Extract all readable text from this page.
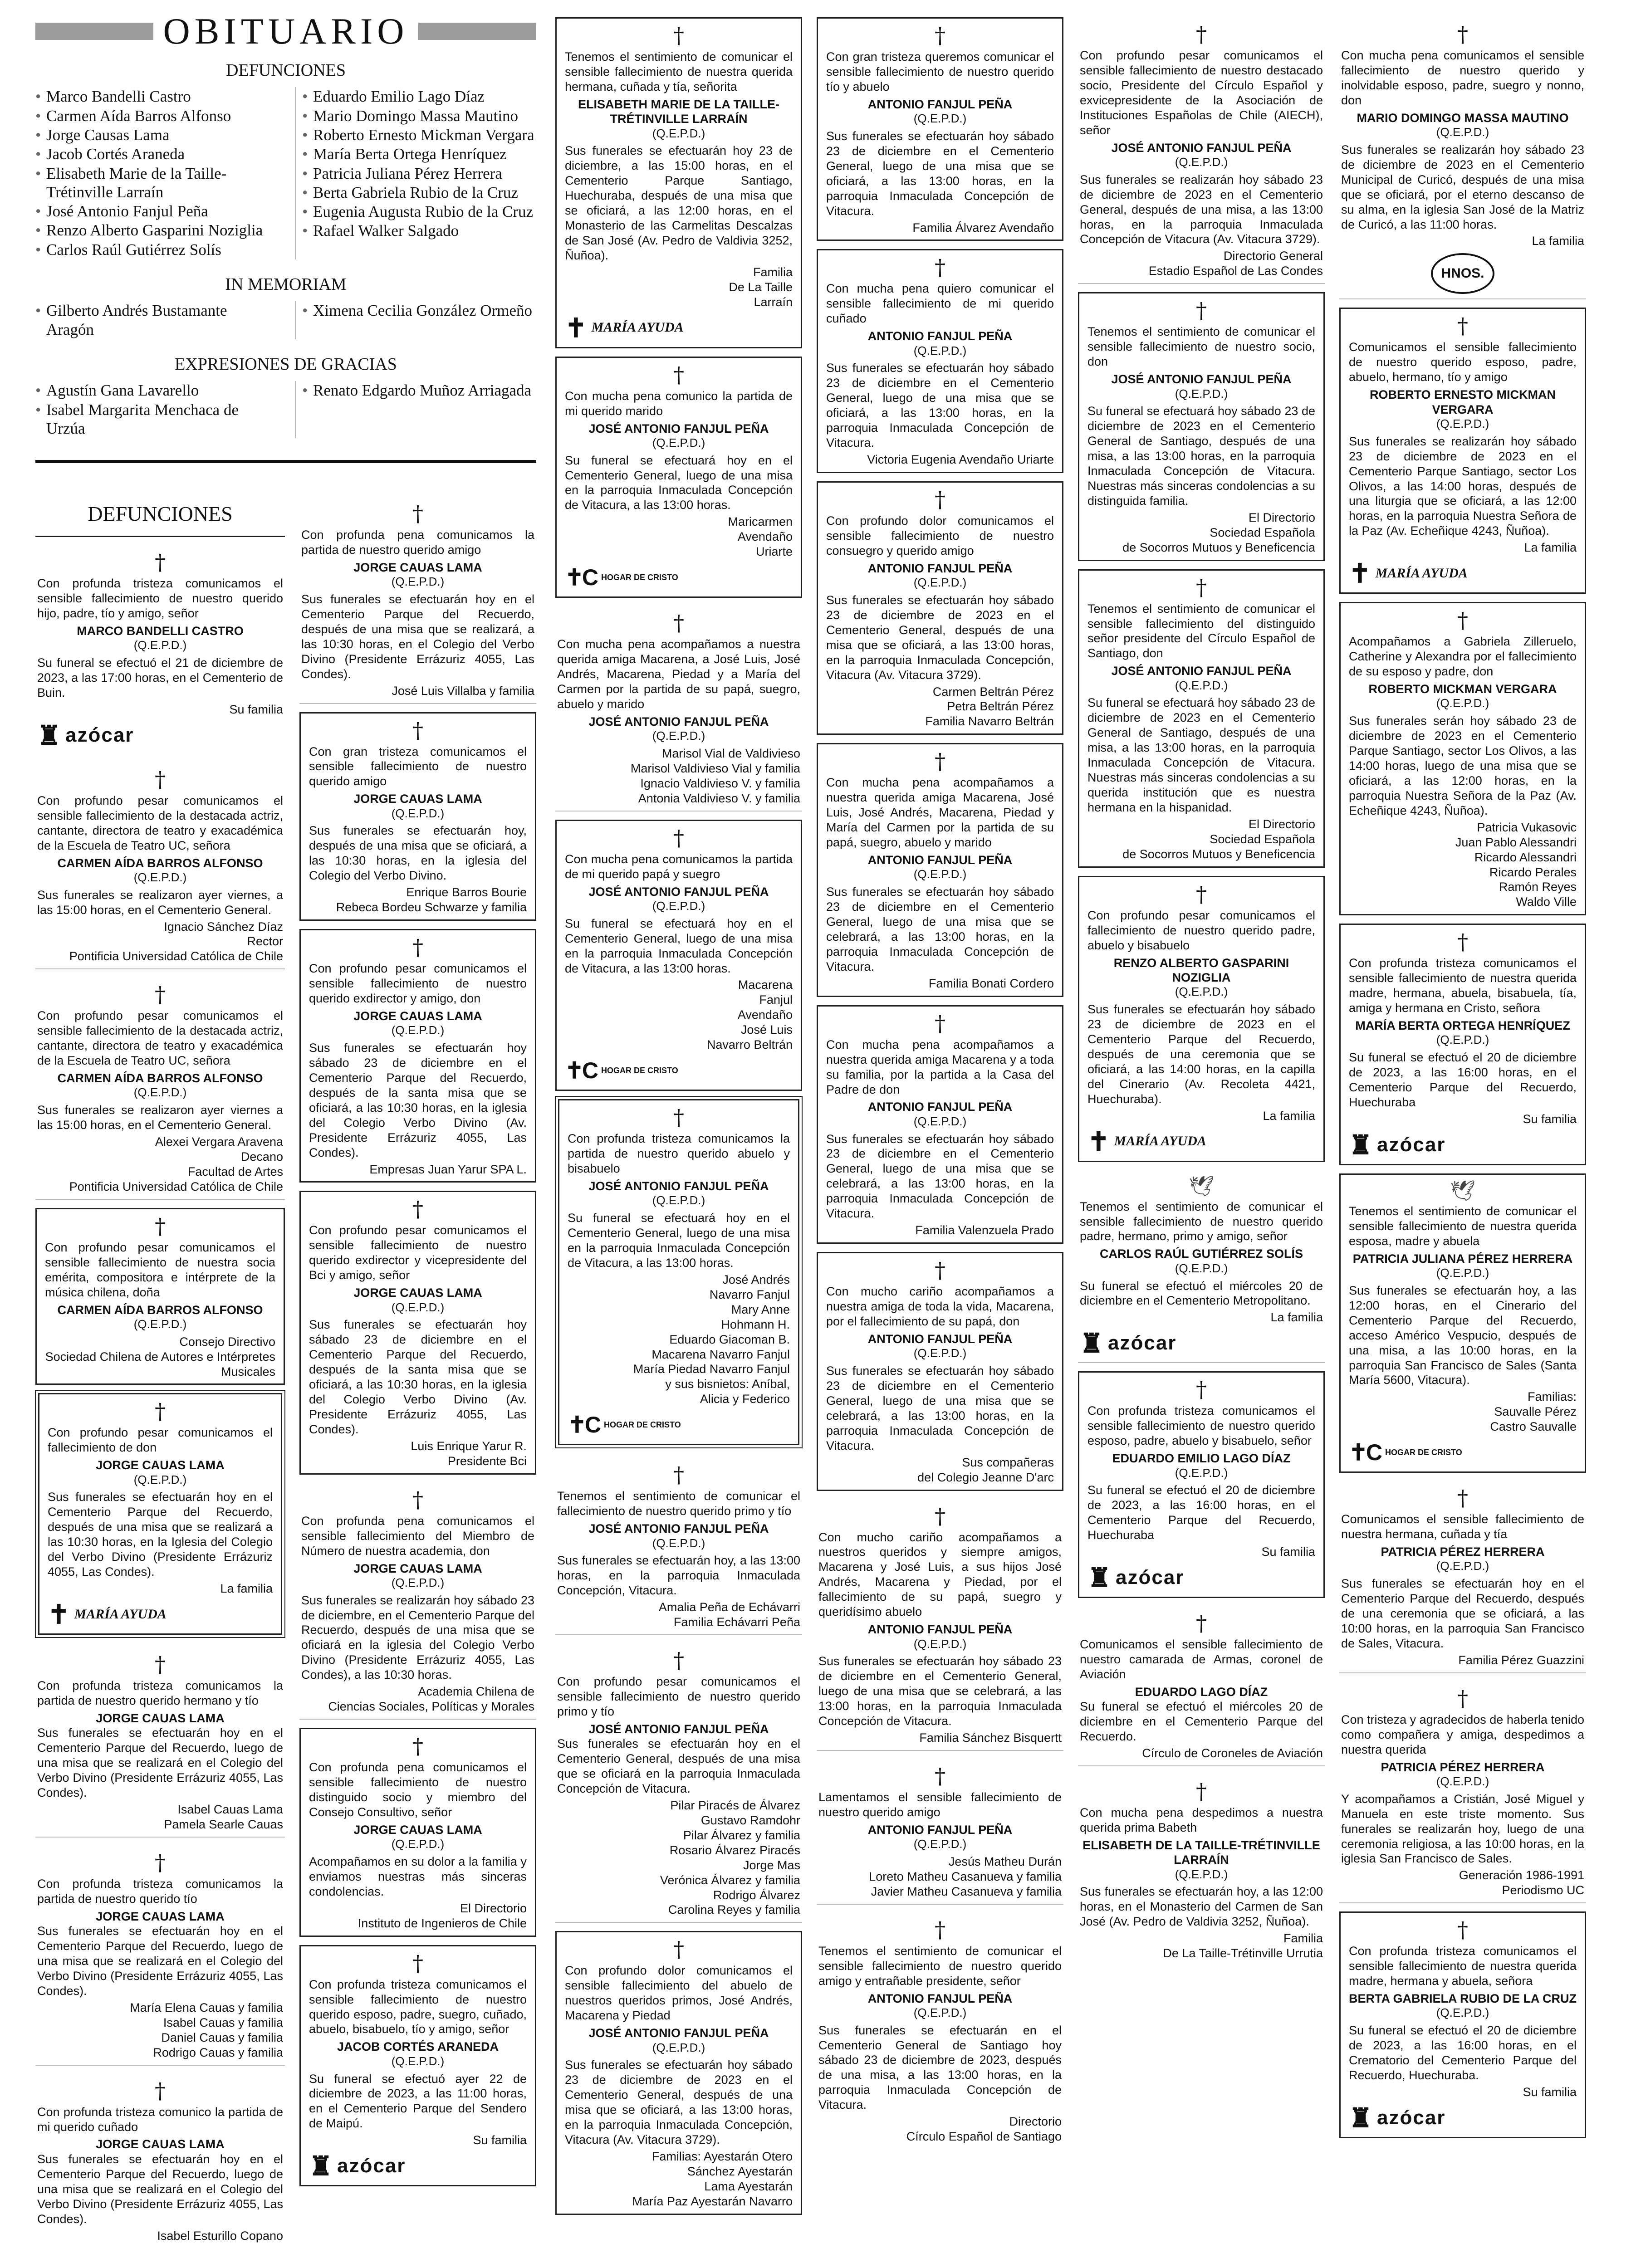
OBITUARIO
DEFUNCIONES
• Marco Bandelli Castro
• Carmen Aída Barros Alfonso
• Jorge Causas Lama
• Jacob Cortés Araneda
• Elisabeth Marie de la Taille-Trétinville Larraín
• José Antonio Fanjul Peña
• Renzo Alberto Gasparini Noziglia
• Carlos Raúl Gutiérrez Solís
• Eduardo Emilio Lago Díaz
• Mario Domingo Massa Mautino
• Roberto Ernesto Mickman Vergara
• María Berta Ortega Henríquez
• Patricia Juliana Pérez Herrera
• Berta Gabriela Rubio de la Cruz
• Eugenia Augusta Rubio de la Cruz
• Rafael Walker Salgado
IN MEMORIAM
• Gilberto Andrés Bustamante Aragón
• Ximena Cecilia González Ormeño
EXPRESIONES DE GRACIAS
• Agustín Gana Lavarello
• Isabel Margarita Menchaca de Urzúa
• Renato Edgardo Muñoz Arriagada
DEFUNCIONES
†
Con profunda tristeza comunicamos el sensible fallecimiento de nuestro querido hijo, padre, tío y amigo, señor
MARCO BANDELLI CASTRO
(Q.E.P.D.)
Su funeral se efectuó el 21 de diciembre de 2023, a las 17:00 horas, en el Cementerio de Buin.
Su familia
♜ azócar
†
Con profundo pesar comunicamos el sensible fallecimiento de la destacada actriz, cantante, directora de teatro y exacadémica de la Escuela de Teatro UC, señora
CARMEN AÍDA BARROS ALFONSO
(Q.E.P.D.)
Sus funerales se realizaron ayer viernes, a las 15:00 horas, en el Cementerio General.
Ignacio Sánchez Díaz
Rector
Pontificia Universidad Católica de Chile
†
Con profundo pesar comunicamos el sensible fallecimiento de la destacada actriz, cantante, directora de teatro y exacadémica de la Escuela de Teatro UC, señora
CARMEN AÍDA BARROS ALFONSO
(Q.E.P.D.)
Sus funerales se realizaron ayer viernes a las 15:00 horas, en el Cementerio General.
Alexei Vergara Aravena
Decano
Facultad de Artes
Pontificia Universidad Católica de Chile
†
Con profundo pesar comunicamos el sensible fallecimiento de nuestra socia emérita, compositora e intérprete de la música chilena, doña
CARMEN AÍDA BARROS ALFONSO
(Q.E.P.D.)
Consejo Directivo
Sociedad Chilena de Autores e Intérpretes Musicales
†
Con profundo pesar comunicamos el fallecimiento de don
JORGE CAUAS LAMA
(Q.E.P.D.)
Sus funerales se efectuarán hoy en el Cementerio Parque del Recuerdo, después de una misa que se realizará a las 10:30 horas, en la Iglesia del Colegio del Verbo Divino (Presidente Errázuriz 4055, Las Condes).
La familia
✝ MARÍA AYUDA
†
Con profunda tristeza comunicamos la partida de nuestro querido hermano y tío
JORGE CAUAS LAMA
Sus funerales se efectuarán hoy en el Cementerio Parque del Recuerdo, luego de una misa que se realizará en el Colegio del Verbo Divino (Presidente Errázuriz 4055, Las Condes).
Isabel Cauas Lama
Pamela Searle Cauas
†
Con profunda tristeza comunicamos la partida de nuestro querido tío
JORGE CAUAS LAMA
Sus funerales se efectuarán hoy en el Cementerio Parque del Recuerdo, luego de una misa que se realizará en el Colegio del Verbo Divino (Presidente Errázuriz 4055, Las Condes).
María Elena Cauas y familia
Isabel Cauas y familia
Daniel Cauas y familia
Rodrigo Cauas y familia
†
Con profunda tristeza comunico la partida de mi querido cuñado
JORGE CAUAS LAMA
Sus funerales se efectuarán hoy en el Cementerio Parque del Recuerdo, luego de una misa que se realizará en el Colegio del Verbo Divino (Presidente Errázuriz 4055, Las Condes).
Isabel Esturillo Copano
†
Con profunda pena comunicamos la partida de nuestro querido amigo
JORGE CAUAS LAMA
(Q.E.P.D.)
Sus funerales se efectuarán hoy en el Cementerio Parque del Recuerdo, después de una misa que se realizará, a las 10:30 horas, en el Colegio del Verbo Divino (Presidente Errázuriz 4055, Las Condes).
José Luis Villalba y familia
†
Con gran tristeza comunicamos el sensible fallecimiento de nuestro querido amigo
JORGE CAUAS LAMA
(Q.E.P.D.)
Sus funerales se efectuarán hoy, después de una misa que se oficiará, a las 10:30 horas, en la iglesia del Colegio del Verbo Divino.
Enrique Barros Bourie
Rebeca Bordeu Schwarze y familia
†
Con profundo pesar comunicamos el sensible fallecimiento de nuestro querido exdirector y amigo, don
JORGE CAUAS LAMA
(Q.E.P.D.)
Sus funerales se efectuarán hoy sábado 23 de diciembre en el Cementerio Parque del Recuerdo, después de la santa misa que se oficiará, a las 10:30 horas, en la iglesia del Colegio Verbo Divino (Av. Presidente Errázuriz 4055, Las Condes).
Empresas Juan Yarur SPA L.
†
Con profundo pesar comunicamos el sensible fallecimiento de nuestro querido exdirector y vicepresidente del Bci y amigo, señor
JORGE CAUAS LAMA
(Q.E.P.D.)
Sus funerales se efectuarán hoy sábado 23 de diciembre en el Cementerio Parque del Recuerdo, después de la santa misa que se oficiará, a las 10:30 horas, en la iglesia del Colegio Verbo Divino (Av. Presidente Errázuriz 4055, Las Condes).
Luis Enrique Yarur R.
Presidente Bci
†
Con profunda pena comunicamos el sensible fallecimiento del Miembro de Número de nuestra academia, don
JORGE CAUAS LAMA
(Q.E.P.D.)
Sus funerales se realizarán hoy sábado 23 de diciembre, en el Cementerio Parque del Recuerdo, después de una misa que se oficiará en la iglesia del Colegio Verbo Divino (Presidente Errázuriz 4055, Las Condes), a las 10:30 horas.
Academia Chilena de
Ciencias Sociales, Políticas y Morales
†
Con profunda pena comunicamos el sensible fallecimiento de nuestro distinguido socio y miembro del Consejo Consultivo, señor
JORGE CAUAS LAMA
(Q.E.P.D.)
Acompañamos en su dolor a la familia y enviamos nuestras más sinceras condolencias.
El Directorio
Instituto de Ingenieros de Chile
†
Con profunda tristeza comunicamos el sensible fallecimiento de nuestro querido esposo, padre, suegro, cuñado, abuelo, bisabuelo, tío y amigo, señor
JACOB CORTÉS ARANEDA
(Q.E.P.D.)
Su funeral se efectuó ayer 22 de diciembre de 2023, a las 11:00 horas, en el Cementerio Parque del Sendero de Maipú.
Su familia
♜ azócar
†
Tenemos el sentimiento de comunicar el sensible fallecimiento de nuestra querida hermana, cuñada y tía, señorita
ELISABETH MARIE DE LA TAILLE-TRÉTINVILLE LARRAÍN
(Q.E.P.D.)
Sus funerales se efectuarán hoy 23 de diciembre, a las 15:00 horas, en el Cementerio Parque Santiago, Huechuraba, después de una misa que se oficiará, a las 12:00 horas, en el Monasterio de las Carmelitas Descalzas de San José (Av. Pedro de Valdivia 3252, Ñuñoa).
Familia
De La Taille
Larraín
✝ MARÍA AYUDA
†
Con mucha pena comunico la partida de mi querido marido
JOSÉ ANTONIO FANJUL PEÑA
(Q.E.P.D.)
Su funeral se efectuará hoy en el Cementerio General, luego de una misa en la parroquia Inmaculada Concepción de Vitacura, a las 13:00 horas.
Maricarmen
Avendaño
Uriarte
✝C HOGAR DE CRISTO
†
Con mucha pena acompañamos a nuestra querida amiga Macarena, a José Luis, José Andrés, Macarena, Piedad y a María del Carmen por la partida de su papá, suegro, abuelo y marido
JOSÉ ANTONIO FANJUL PEÑA
(Q.E.P.D.)
Marisol Vial de Valdivieso
Marisol Valdivieso Vial y familia
Ignacio Valdivieso V. y familia
Antonia Valdivieso V. y familia
†
Con mucha pena comunicamos la partida de mi querido papá y suegro
JOSÉ ANTONIO FANJUL PEÑA
(Q.E.P.D.)
Su funeral se efectuará hoy en el Cementerio General, luego de una misa en la parroquia Inmaculada Concepción de Vitacura, a las 13:00 horas.
Macarena
Fanjul
Avendaño
José Luis
Navarro Beltrán
✝C HOGAR DE CRISTO
†
Con profunda tristeza comunicamos la partida de nuestro querido abuelo y bisabuelo
JOSÉ ANTONIO FANJUL PEÑA
(Q.E.P.D.)
Su funeral se efectuará hoy en el Cementerio General, luego de una misa en la parroquia Inmaculada Concepción de Vitacura, a las 13:00 horas.
José Andrés
Navarro Fanjul
Mary Anne
Hohmann H.
Eduardo Giacoman B.
Macarena Navarro Fanjul
María Piedad Navarro Fanjul
y sus bisnietos: Aníbal,
Alicia y Federico
✝C HOGAR DE CRISTO
†
Tenemos el sentimiento de comunicar el fallecimiento de nuestro querido primo y tío
JOSÉ ANTONIO FANJUL PEÑA
(Q.E.P.D.)
Sus funerales se efectuarán hoy, a las 13:00 horas, en la parroquia Inmaculada Concepción, Vitacura.
Amalia Peña de Echávarri
Familia Echávarri Peña
†
Con profundo pesar comunicamos el sensible fallecimiento de nuestro querido primo y tío
JOSÉ ANTONIO FANJUL PEÑA
Sus funerales se efectuarán hoy en el Cementerio General, después de una misa que se oficiará en la parroquia Inmaculada Concepción de Vitacura.
Pilar Piracés de Álvarez
Gustavo Ramdohr
Pilar Álvarez y familia
Rosario Álvarez Piracés
Jorge Mas
Verónica Álvarez y familia
Rodrigo Álvarez
Carolina Reyes y familia
†
Con profundo dolor comunicamos el sensible fallecimiento del abuelo de nuestros queridos primos, José Andrés, Macarena y Piedad
JOSÉ ANTONIO FANJUL PEÑA
(Q.E.P.D.)
Sus funerales se efectuarán hoy sábado 23 de diciembre de 2023 en el Cementerio General, después de una misa que se oficiará, a las 13:00 horas, en la parroquia Inmaculada Concepción, Vitacura (Av. Vitacura 3729).
Familias: Ayestarán Otero
Sánchez Ayestarán
Lama Ayestarán
María Paz Ayestarán Navarro
†
Con gran tristeza queremos comunicar el sensible fallecimiento de nuestro querido tío y abuelo
ANTONIO FANJUL PEÑA
(Q.E.P.D.)
Sus funerales se efectuarán hoy sábado 23 de diciembre en el Cementerio General, luego de una misa que se oficiará, a las 13:00 horas, en la parroquia Inmaculada Concepción de Vitacura.
Familia Álvarez Avendaño
†
Con mucha pena quiero comunicar el sensible fallecimiento de mi querido cuñado
ANTONIO FANJUL PEÑA
(Q.E.P.D.)
Sus funerales se efectuarán hoy sábado 23 de diciembre en el Cementerio General, luego de una misa que se oficiará, a las 13:00 horas, en la parroquia Inmaculada Concepción de Vitacura.
Victoria Eugenia Avendaño Uriarte
†
Con profundo dolor comunicamos el sensible fallecimiento de nuestro consuegro y querido amigo
ANTONIO FANJUL PEÑA
(Q.E.P.D.)
Sus funerales se efectuarán hoy sábado 23 de diciembre de 2023 en el Cementerio General, después de una misa que se oficiará, a las 13:00 horas, en la parroquia Inmaculada Concepción, Vitacura (Av. Vitacura 3729).
Carmen Beltrán Pérez
Petra Beltrán Pérez
Familia Navarro Beltrán
†
Con mucha pena acompañamos a nuestra querida amiga Macarena, José Luis, José Andrés, Macarena, Piedad y María del Carmen por la partida de su papá, suegro, abuelo y marido
ANTONIO FANJUL PEÑA
(Q.E.P.D.)
Sus funerales se efectuarán hoy sábado 23 de diciembre en el Cementerio General, luego de una misa que se celebrará, a las 13:00 horas, en la parroquia Inmaculada Concepción de Vitacura.
Familia Bonati Cordero
†
Con mucha pena acompañamos a nuestra querida amiga Macarena y a toda su familia, por la partida a la Casa del Padre de don
ANTONIO FANJUL PEÑA
(Q.E.P.D.)
Sus funerales se efectuarán hoy sábado 23 de diciembre en el Cementerio General, luego de una misa que se celebrará, a las 13:00 horas, en la parroquia Inmaculada Concepción de Vitacura.
Familia Valenzuela Prado
†
Con mucho cariño acompañamos a nuestra amiga de toda la vida, Macarena, por el fallecimiento de su papá, don
ANTONIO FANJUL PEÑA
(Q.E.P.D.)
Sus funerales se efectuarán hoy sábado 23 de diciembre en el Cementerio General, luego de una misa que se celebrará, a las 13:00 horas, en la parroquia Inmaculada Concepción de Vitacura.
Sus compañeras
del Colegio Jeanne D'arc
†
Con mucho cariño acompañamos a nuestros queridos y siempre amigos, Macarena y José Luis, a sus hijos José Andrés, Macarena y Piedad, por el fallecimiento de su papá, suegro y queridísimo abuelo
ANTONIO FANJUL PEÑA
(Q.E.P.D.)
Sus funerales se efectuarán hoy sábado 23 de diciembre en el Cementerio General, luego de una misa que se celebrará, a las 13:00 horas, en la parroquia Inmaculada Concepción de Vitacura.
Familia Sánchez Bisquertt
†
Lamentamos el sensible fallecimiento de nuestro querido amigo
ANTONIO FANJUL PEÑA
(Q.E.P.D.)
Jesús Matheu Durán
Loreto Matheu Casanueva y familia
Javier Matheu Casanueva y familia
†
Tenemos el sentimiento de comunicar el sensible fallecimiento de nuestro querido amigo y entrañable presidente, señor
ANTONIO FANJUL PEÑA
(Q.E.P.D.)
Sus funerales se efectuarán en el Cementerio General de Santiago hoy sábado 23 de diciembre de 2023, después de una misa, a las 13:00 horas, en la parroquia Inmaculada Concepción de Vitacura.
Directorio
Círculo Español de Santiago
†
Con profundo pesar comunicamos el sensible fallecimiento de nuestro destacado socio, Presidente del Círculo Español y exvicepresidente de la Asociación de Instituciones Españolas de Chile (AIECH), señor
JOSÉ ANTONIO FANJUL PEÑA
(Q.E.P.D.)
Sus funerales se realizarán hoy sábado 23 de diciembre de 2023 en el Cementerio General, después de una misa, a las 13:00 horas, en la parroquia Inmaculada Concepción de Vitacura (Av. Vitacura 3729).
Directorio General
Estadio Español de Las Condes
†
Tenemos el sentimiento de comunicar el sensible fallecimiento de nuestro socio, don
JOSÉ ANTONIO FANJUL PEÑA
(Q.E.P.D.)
Su funeral se efectuará hoy sábado 23 de diciembre de 2023 en el Cementerio General de Santiago, después de una misa, a las 13:00 horas, en la parroquia Inmaculada Concepción de Vitacura. Nuestras más sinceras condolencias a su distinguida familia.
El Directorio
Sociedad Española
de Socorros Mutuos y Beneficencia
†
Tenemos el sentimiento de comunicar el sensible fallecimiento del distinguido señor presidente del Círculo Español de Santiago, don
JOSÉ ANTONIO FANJUL PEÑA
(Q.E.P.D.)
Su funeral se efectuará hoy sábado 23 de diciembre de 2023 en el Cementerio General de Santiago, después de una misa, a las 13:00 horas, en la parroquia Inmaculada Concepción de Vitacura. Nuestras más sinceras condolencias a su querida institución que es nuestra hermana en la hispanidad.
El Directorio
Sociedad Española
de Socorros Mutuos y Beneficencia
†
Con profundo pesar comunicamos el fallecimiento de nuestro querido padre, abuelo y bisabuelo
RENZO ALBERTO GASPARINI NOZIGLIA
(Q.E.P.D.)
Sus funerales se efectuarán hoy sábado 23 de diciembre de 2023 en el Cementerio Parque del Recuerdo, después de una ceremonia que se oficiará, a las 14:00 horas, en la capilla del Cinerario (Av. Recoleta 4421, Huechuraba).
La familia
✝ MARÍA AYUDA
🕊
Tenemos el sentimiento de comunicar el sensible fallecimiento de nuestro querido padre, hermano, primo y amigo, señor
CARLOS RAÚL GUTIÉRREZ SOLÍS
(Q.E.P.D.)
Su funeral se efectuó el miércoles 20 de diciembre en el Cementerio Metropolitano.
La familia
♜ azócar
†
Con profunda tristeza comunicamos el sensible fallecimiento de nuestro querido esposo, padre, abuelo y bisabuelo, señor
EDUARDO EMILIO LAGO DÍAZ
(Q.E.P.D.)
Su funeral se efectuó el 20 de diciembre de 2023, a las 16:00 horas, en el Cementerio Parque del Recuerdo, Huechuraba
Su familia
♜ azócar
†
Comunicamos el sensible fallecimiento de nuestro camarada de Armas, coronel de Aviación
EDUARDO LAGO DÍAZ
Su funeral se efectuó el miércoles 20 de diciembre en el Cementerio Parque del Recuerdo.
Círculo de Coroneles de Aviación
†
Con mucha pena despedimos a nuestra querida prima Babeth
ELISABETH DE LA TAILLE-TRÉTINVILLE LARRAÍN
(Q.E.P.D.)
Sus funerales se efectuarán hoy, a las 12:00 horas, en el Monasterio del Carmen de San José (Av. Pedro de Valdivia 3252, Ñuñoa).
Familia
De La Taille-Trétinville Urrutia
†
Con mucha pena comunicamos el sensible fallecimiento de nuestro querido y inolvidable esposo, padre, suegro y nonno, don
MARIO DOMINGO MASSA MAUTINO
(Q.E.P.D.)
Sus funerales se realizarán hoy sábado 23 de diciembre de 2023 en el Cementerio Municipal de Curicó, después de una misa que se oficiará, por el eterno descanso de su alma, en la iglesia San José de la Matriz de Curicó, a las 11:00 horas.
La familia
HNOS.
†
Comunicamos el sensible fallecimiento de nuestro querido esposo, padre, abuelo, hermano, tío y amigo
ROBERTO ERNESTO MICKMAN VERGARA
(Q.E.P.D.)
Sus funerales se realizarán hoy sábado 23 de diciembre de 2023 en el Cementerio Parque Santiago, sector Los Olivos, a las 14:00 horas, después de una liturgia que se oficiará, a las 12:00 horas, en la parroquia Nuestra Señora de la Paz (Av. Echeñique 4243, Ñuñoa).
La familia
✝ MARÍA AYUDA
†
Acompañamos a Gabriela Zilleruelo, Catherine y Alexandra por el fallecimiento de su esposo y padre, don
ROBERTO MICKMAN VERGARA
(Q.E.P.D.)
Sus funerales serán hoy sábado 23 de diciembre de 2023 en el Cementerio Parque Santiago, sector Los Olivos, a las 14:00 horas, luego de una misa que se oficiará, a las 12:00 horas, en la parroquia Nuestra Señora de la Paz (Av. Echeñique 4243, Ñuñoa).
Patricia Vukasovic
Juan Pablo Alessandri
Ricardo Alessandri
Ricardo Perales
Ramón Reyes
Waldo Ville
†
Con profunda tristeza comunicamos el sensible fallecimiento de nuestra querida madre, hermana, abuela, bisabuela, tía, amiga y hermana en Cristo, señora
MARÍA BERTA ORTEGA HENRÍQUEZ
(Q.E.P.D.)
Su funeral se efectuó el 20 de diciembre de 2023, a las 16:00 horas, en el Cementerio Parque del Recuerdo, Huechuraba
Su familia
♜ azócar
🕊
Tenemos el sentimiento de comunicar el sensible fallecimiento de nuestra querida esposa, madre y abuela
PATRICIA JULIANA PÉREZ HERRERA
(Q.E.P.D.)
Sus funerales se efectuarán hoy, a las 12:00 horas, en el Cinerario del Cementerio Parque del Recuerdo, acceso Américo Vespucio, después de una misa, a las 10:00 horas, en la parroquia San Francisco de Sales (Santa María 5600, Vitacura).
Familias:
Sauvalle Pérez
Castro Sauvalle
✝C HOGAR DE CRISTO
†
Comunicamos el sensible fallecimiento de nuestra hermana, cuñada y tía
PATRICIA PÉREZ HERRERA
(Q.E.P.D.)
Sus funerales se efectuarán hoy en el Cementerio Parque del Recuerdo, después de una ceremonia que se oficiará, a las 10:00 horas, en la parroquia San Francisco de Sales, Vitacura.
Familia Pérez Guazzini
†
Con tristeza y agradecidos de haberla tenido como compañera y amiga, despedimos a nuestra querida
PATRICIA PÉREZ HERRERA
(Q.E.P.D.)
Y acompañamos a Cristián, José Miguel y Manuela en este triste momento. Sus funerales se realizarán hoy, luego de una ceremonia religiosa, a las 10:00 horas, en la iglesia San Francisco de Sales.
Generación 1986-1991
Periodismo UC
†
Con profunda tristeza comunicamos el sensible fallecimiento de nuestra querida madre, hermana y abuela, señora
BERTA GABRIELA RUBIO DE LA CRUZ
(Q.E.P.D.)
Su funeral se efectuó el 20 de diciembre de 2023, a las 16:00 horas, en el Crematorio del Cementerio Parque del Recuerdo, Huechuraba.
Su familia
♜ azócar
